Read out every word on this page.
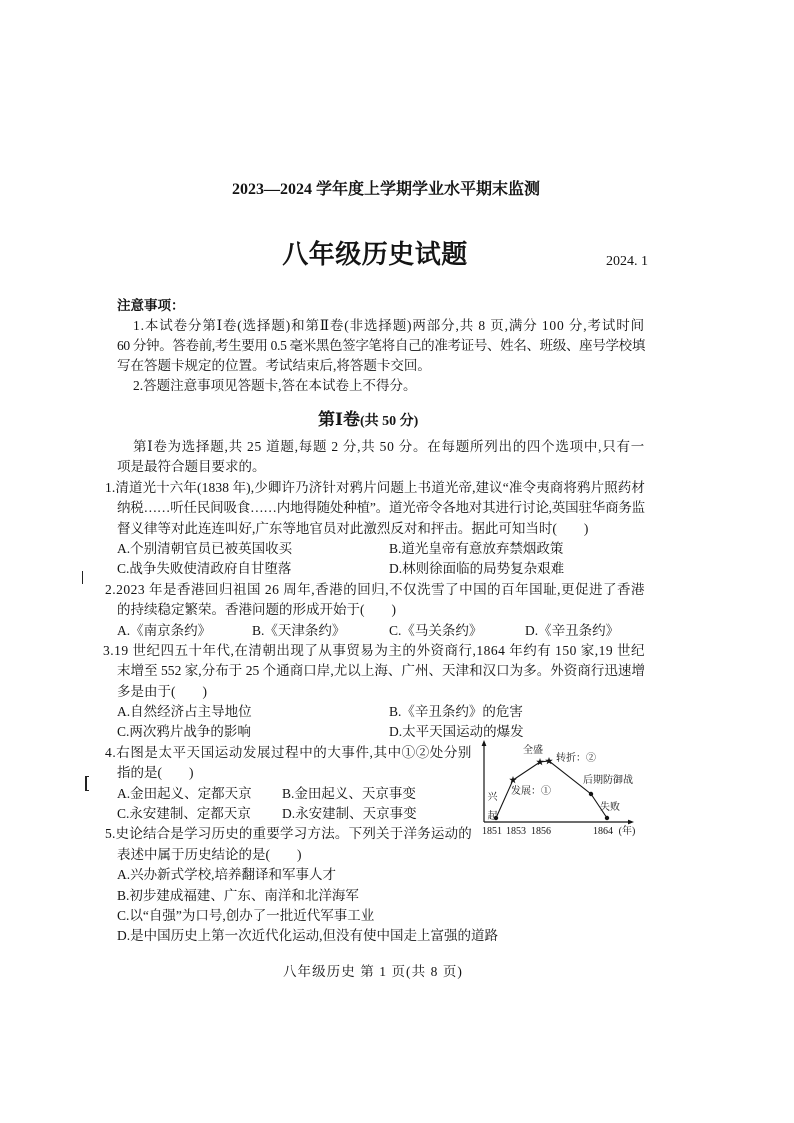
2023—2024 学年度上学期学业水平期末监测
八年级历史试题	2024. 1
注意事项：
1.本试卷分第Ⅰ卷(选择题)和第Ⅱ卷(非选择题)两部分,共 8 页,满分 100 分,考试时间
60 分钟。答卷前,考生要用 0.5 毫米黑色签字笔将自己的准考证号、姓名、班级、座号学校填
写在答题卡规定的位置。考试结束后,将答题卡交回。
2.答题注意事项见答题卡,答在本试卷上不得分。
第Ⅰ卷(共 50 分)
第Ⅰ卷为选择题,共 25 道题,每题 2 分,共 50 分。在每题所列出的四个选项中,只有一
项是最符合题目要求的。
1.清道光十六年(1838 年),少卿许乃济针对鸦片问题上书道光帝,建议“准令夷商将鸦片照药材
纳税……听任民间吸食……内地得随处种植”。道光帝令各地对其进行讨论,英国驻华商务监
督义律等对此连连叫好,广东等地官员对此激烈反对和抨击。据此可知当时(　　)
A.个别清朝官员已被英国收买	B.道光皇帝有意放弃禁烟政策
C.战争失败使清政府自甘堕落	D.林则徐面临的局势复杂艰难
2.2023 年是香港回归祖国 26 周年,香港的回归,不仅洗雪了中国的百年国耻,更促进了香港
的持续稳定繁荣。香港问题的形成开始于(　　)
A.《南京条约》	B.《天津条约》	C.《马关条约》	D.《辛丑条约》
3.19 世纪四五十年代,在清朝出现了从事贸易为主的外资商行,1864 年约有 150 家,19 世纪
末增至 552 家,分布于 25 个通商口岸,尤以上海、广州、天津和汉口为多。外资商行迅速增
多是由于(　　)
A.自然经济占主导地位	B.《辛丑条约》的危害
C.两次鸦片战争的影响	D.太平天国运动的爆发
4.右图是太平天国运动发展过程中的大事件,其中①②处分别
指的是(　　)
A.金田起义、定都天京 B.金田起义、天京事变
C.永安建制、定都天京 D.永安建制、天京事变
5.史论结合是学习历史的重要学习方法。下列关于洋务运动的
表述中属于历史结论的是(　　)
A.兴办新式学校,培养翻译和军事人才
B.初步建成福建、广东、南洋和北洋海军
C.以“自强”为口号,创办了一批近代军事工业
D.是中国历史上第一次近代化运动,但没有使中国走上富强的道路
全盛
转折：②
发展：①
后期防御战
失败
1851 1853 1856	1864 (年)
兴起
八年级历史 第 1 页(共 8 页)
